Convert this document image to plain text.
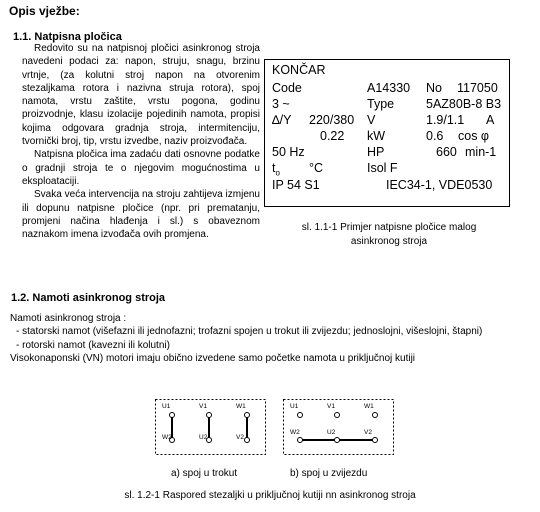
Opis vježbe:
1.1. Natpisna pločica

Redovito su na natpisnoj pločici asinkronog stroja navedeni podaci za: napon, struju, snagu, brzinu vrtnje, (za kolutni stroj napon na otvorenim stezaljkama rotora i nazivna struja rotora), spoj namota, vrstu zaštite, vrstu pogona, godinu proizvodnje, klasu izolacije pojedinih namota, propisi kojima odgovara gradnja stroja, intermitenciju, tvornički broj, tip, vrstu izvedbe, naziv proizvođača.

Natpisna pločica ima zadaću dati osnovne podatke o gradnji stroja te o njegovim mogućnostima u eksploataciji.

Svaka veća intervencija na stroju zahtijeva izmjenu ili dopunu natpisne pločice (npr. pri prematanju, promjeni načina hlađenja i sl.) s obaveznom naznakom imena izvođača ovih promjena.

KONČAR
Code	A14330 No 117050
3 ~	Type	5AZ80B-8 B3
∆/Y 220/380 V	1.9/1.1 A
0.22 kW	0.6 cos φ
50 Hz	HP	660 min-1
$t_o$ °C	Isol F
IP 54 S1	IEC34-1, VDE0530
sl. 1.1-1 Primjer natpisne pločice malog asinkronog stroja
1.2. Namoti asinkronog stroja
Namoti asinkronog stroja :
- statorski namot (višefazni ili jednofazni; trofazni spojen u trokut ili zvijezdu; jednoslojni, višeslojni, štapni)
- rotorski namot (kavezni ili kolutni)
Visokonaponski (VN) motori imaju obično izvedene samo početke namota u priključnoj kutiji
U1	V1	W1
W2	U2	V2
U1	V1	W1
W2	U2	V2
a) spoj u trokut	b) spoj u zvijezdu
sl. 1.2-1 Raspored stezaljki u priključnoj kutiji nn asinkronog stroja
